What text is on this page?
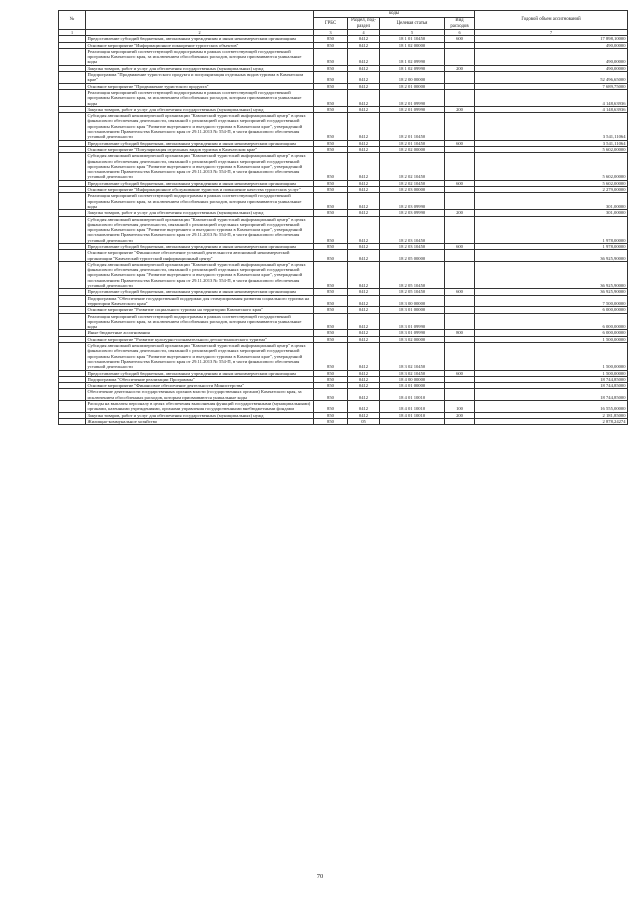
№		коды				Годовой объем ассигнований
		ГРБС	Раздел, под-раздел	Целевая статья	Вид расходов	
1	2	3	4	5	6	7
	Предоставление субсидий бюджетным, автономным учреждениям и иным некоммерческим организациям	850	0412	18 1 01 10450	600	17 898,10000
	Основное мероприятие "Информационное поккорение туристских объектов"	850	0412	18 1 02 00000		490,00000
	Реализация мероприятий соответствующей подпрограммы в рамках соответствующей государственной программы Камчатского края, за исключением обособленных расходов, которым присваиваются уникальные коды	850	0412	18 1 02 09990		490,00000
	Закупка товаров, работ и услуг для обеспечения государственных (муниципальных) нужд	850	0412	18 1 02 09990	200	490,00000
	Подпрограмма "Продвижение туристского продукта и популяризация отдельных видов туризма в Камчатском крае"	850	0412	18 2 00 00000		52 496,65000
	Основное мероприятие "Продвижение туристского продукта"	850	0412	18 2 01 00000		7 689,75000
	Реализация мероприятий соответствующей подпрограммы в рамках соответствующей государственной программы Камчатского края, за исключением обособленных расходов, которым присваиваются уникальные коды	850	0412	18 2 01 09990		4 148,63936
	Закупка товаров, работ и услуг для обеспечения государственных (муниципальных) нужд	850	0412	18 2 01 09990	200	4 148,63936
	Субсидия автономной некоммерческой организации "Камчатский туристский информационный центр" в целях финансового обеспечения деятельности, связанной с реализацией отдельных мероприятий государственной программы Камчатского края "Развитие внутреннего и въездного туризма в Камчатском крае", утвержденной постановлением Правительства Камчатского края от 29.11.2013 № 554-П, в части финансового обеспечения уставной деятельности	850	0412	18 2 01 10450		3 541,11064
	Предоставление субсидий бюджетным, автономным учреждениям и иным некоммерческим организациям	850	0412	18 2 01 10450	600	3 541,11064
	Основное мероприятие "Популяризация отдельных видов туризма в Камчатском крае"	850	0412	18 2 02 00000		5 602,00000
	Субсидия автономной некоммерческой организации "Камчатский туристский информационный центр" в целях финансового обеспечения деятельности, связанной с реализацией отдельных мероприятий государственной программы Камчатского края "Развитие внутреннего и въездного туризма в Камчатском крае", утвержденной постановлением Правительства Камчатского края от 29.11.2013 № 554-П, в части финансового обеспечения уставной деятельности	850	0412	18 2 02 10450		5 602,00000
	Предоставление субсидий бюджетным, автономным учреждениям и иным некоммерческим организациям	850	0412	18 2 02 10450	600	5 602,00000
	Основное мероприятие "Информационное обслуживание туристов и повышение качества туристских услуг"	850	0412	18 2 03 00000		2 279,00000
	Реализация мероприятий соответствующей подпрограммы в рамках соответствующей государственной программы Камчатского края, за исключением обособленных расходов, которым присваиваются уникальные коды	850	0412	18 2 03 09990		301,00000
	Закупка товаров, работ и услуг для обеспечения государственных (муниципальных) нужд	850	0412	18 2 03 09990	200	301,00000
	Субсидия автономной некоммерческой организации "Камчатский туристский информационный центр" в целях финансового обеспечения деятельности, связанной с реализацией отдельных мероприятий государственной программы Камчатского края "Развитие внутреннего и въездного туризма в Камчатском крае", утвержденной постановлением Правительства Камчатского края от 29.11.2013 № 554-П, в части финансового обеспечения уставной деятельности	850	0412	18 2 03 10450		1 978,00000
	Предоставление субсидий бюджетным, автономным учреждениям и иным некоммерческим организациям	850	0412	18 2 03 10450	600	1 978,00000
	Основное мероприятие "Финансовое обеспечение уставной деятельности автономной некоммерческой организации "Камчатский туристский информационный центр"	850	0412	18 2 05 00000		36 925,90000
	Субсидия автономной некоммерческой организации "Камчатский туристский информационный центр" в целях финансового обеспечения деятельности, связанной с реализацией отдельных мероприятий государственной программы Камчатского края "Развитие внутреннего и въездного туризма в Камчатском крае", утвержденной постановлением Правительства Камчатского края от 29.11.2013 № 554-П, в части финансового обеспечения уставной деятельности	850	0412	18 2 05 10450		36 925,90000
	Предоставление субсидий бюджетным, автономным учреждениям и иным некоммерческим организациям	850	0412	18 2 05 10450	600	36 925,90000
	Подпрограмма "Обеспечение государственной поддержки для стимулирования развития социального туризма на территории Камчатского края"	850	0412	18 3 00 00000		7 500,00000
	Основное мероприятие "Развитие социального туризма на территории Камчатского края"	850	0412	18 3 01 00000		6 000,00000
	Реализация мероприятий соответствующей подпрограммы в рамках соответствующей государственной программы Камчатского края, за исключением обособленных расходов, которым присваиваются уникальные коды	850	0412	18 3 01 09990		6 000,00000
	Иные бюджетные ассигнования	850	0412	18 3 01 09990	800	6 000,00000
	Основное мероприятие "Развитие культурно-познавательного детско-юношеского туризма"	850	0412	18 3 02 00000		1 500,00000
	Субсидия автономной некоммерческой организации "Камчатский туристский информационный центр" в целях финансового обеспечения деятельности, связанной с реализацией отдельных мероприятий государственной программы Камчатского края "Развитие внутреннего и въездного туризма в Камчатском крае", утвержденной постановлением Правительства Камчатского края от 29.11.2013 № 554-П, в части финансового обеспечения уставной деятельности	850	0412	18 3 02 10450		1 500,00000
	Предоставление субсидий бюджетным, автономным учреждениям и иным некоммерческим организациям	850	0412	18 3 02 10450	600	1 500,00000
	Подпрограмма "Обеспечение реализации Программы"	850	0412	18 4 00 00000		18 744,85000
	Основное мероприятие "Финансовое обеспечение деятельности Министерства"	850	0412	18 4 01 00000		18 744,85000
	Обеспечение деятельности государственных органов власти (государственных органов) Камчатского края, за исключением обособленных расходов, которым присваиваются уникальные коды	850	0412	18 4 01 10010		18 744,85000
	Расходы на выплаты персоналу в целях обеспечения выполнения функций государственными (муниципальными) органами, казенными учреждениями, органами управления государственными внебюджетными фондами	850	0412	18 4 01 10010	100	16 555,00000
	Закупка товаров, работ и услуг для обеспечения государственных (муниципальных) нужд	850	0412	18 4 01 10010	200	2 181,85000
	Жилищно-коммунальное хозяйство	850	05			2 878,24274
70
